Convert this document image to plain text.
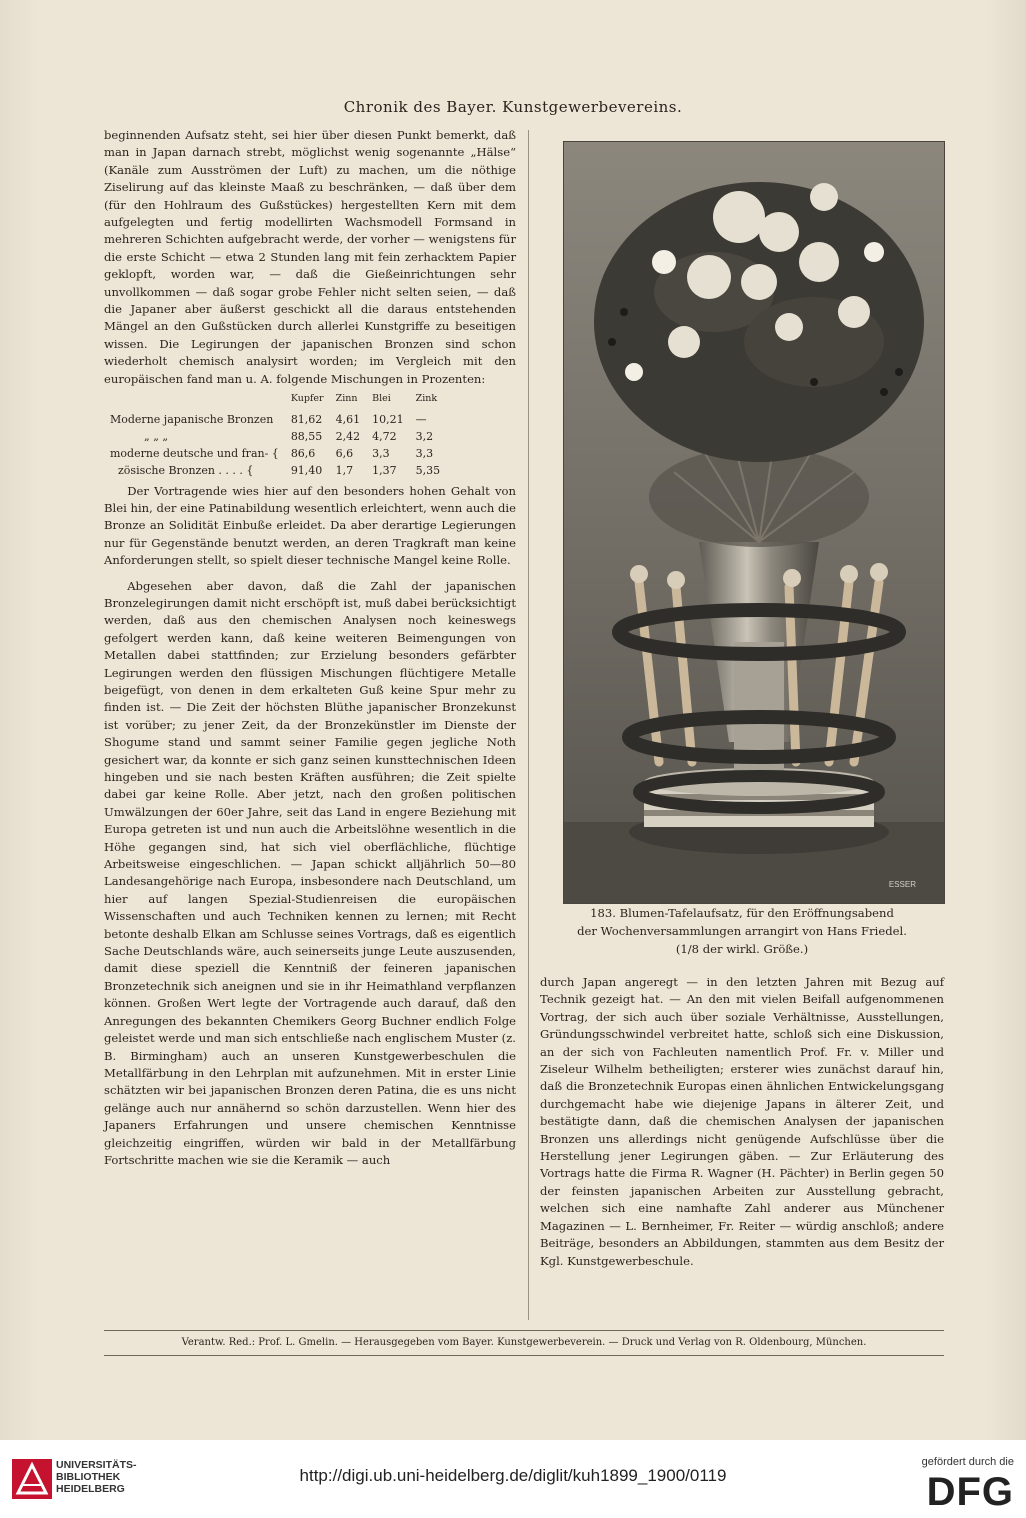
Chronik des Bayer. Kunstgewerbevereins.

beginnenden Aufsatz steht, sei hier über diesen Punkt bemerkt, daß man in Japan darnach strebt, möglichst wenig sogenannte „Hälse“ (Kanäle zum Ausströmen der Luft) zu machen, um die nöthige Ziselirung auf das kleinste Maaß zu beschränken, — daß über dem (für den Hohlraum des Gußstückes) hergestellten Kern mit dem aufgelegten und fertig modellirten Wachsmodell Formsand in mehreren Schichten aufgebracht werde, der vorher — wenigstens für die erste Schicht — etwa 2 Stunden lang mit fein zerhacktem Papier geklopft, worden war, — daß die Gießeinrichtungen sehr unvollkommen — daß sogar grobe Fehler nicht selten seien, — daß die Japaner aber äußerst geschickt all die daraus entstehenden Mängel an den Gußstücken durch allerlei Kunstgriffe zu beseitigen wissen. Die Legirungen der japanischen Bronzen sind schon wiederholt chemisch analysirt worden; im Vergleich mit den europäischen fand man u. A. folgende Mischungen in Prozenten:

	Kupfer	Zinn	Blei	Zink
Moderne japanische Bronzen	81,62	4,61	10,21	—
„ „ „	88,55	2,42	4,72	3,2
moderne deutsche und fran- {	86,6	6,6	3,3	3,3
zösische Bronzen . . . . {	91,40	1,7	1,37	5,35

Der Vortragende wies hier auf den besonders hohen Gehalt von Blei hin, der eine Patinabildung wesentlich erleichtert, wenn auch die Bronze an Solidität Einbuße erleidet. Da aber derartige Legierungen nur für Gegenstände benutzt werden, an deren Tragkraft man keine Anforderungen stellt, so spielt dieser technische Mangel keine Rolle.

Abgesehen aber davon, daß die Zahl der japanischen Bronzelegirungen damit nicht erschöpft ist, muß dabei berücksichtigt werden, daß aus den chemischen Analysen noch keineswegs gefolgert werden kann, daß keine weiteren Beimengungen von Metallen dabei stattfinden; zur Erzielung besonders gefärbter Legirungen werden den flüssigen Mischungen flüchtigere Metalle beigefügt, von denen in dem erkalteten Guß keine Spur mehr zu finden ist. — Die Zeit der höchsten Blüthe japanischer Bronzekunst ist vorüber; zu jener Zeit, da der Bronzekünstler im Dienste der Shogume stand und sammt seiner Familie gegen jegliche Noth gesichert war, da konnte er sich ganz seinen kunsttechnischen Ideen hingeben und sie nach besten Kräften ausführen; die Zeit spielte dabei gar keine Rolle. Aber jetzt, nach den großen politischen Umwälzungen der 60er Jahre, seit das Land in engere Beziehung mit Europa getreten ist und nun auch die Arbeitslöhne wesentlich in die Höhe gegangen sind, hat sich viel oberflächliche, flüchtige Arbeitsweise eingeschlichen. — Japan schickt alljährlich 50—80 Landesangehörige nach Europa, insbesondere nach Deutschland, um hier auf langen Spezial-Studienreisen die europäischen Wissenschaften und auch Techniken kennen zu lernen; mit Recht betonte deshalb Elkan am Schlusse seines Vortrags, daß es eigentlich Sache Deutschlands wäre, auch seinerseits junge Leute auszusenden, damit diese speziell die Kenntniß der feineren japanischen Bronzetechnik sich aneignen und sie in ihr Heimathland verpflanzen können. Großen Wert legte der Vortragende auch darauf, daß den Anregungen des bekannten Chemikers Georg Buchner endlich Folge geleistet werde und man sich entschließe nach englischem Muster (z. B. Birmingham) auch an unseren Kunstgewerbeschulen die Metallfärbung in den Lehrplan mit aufzunehmen. Mit in erster Linie schätzten wir bei japanischen Bronzen deren Patina, die es uns nicht gelänge auch nur annähernd so schön darzustellen. Wenn hier des Japaners Erfahrungen und unsere chemischen Kenntnisse gleichzeitig eingriffen, würden wir bald in der Metallfärbung Fortschritte machen wie sie die Keramik — auch

ESSER
183. Blumen-Tafelaufsatz, für den Eröffnungsabend
der Wochenversammlungen arrangirt von Hans Friedel.
(1/8 der wirkl. Größe.)

durch Japan angeregt — in den letzten Jahren mit Bezug auf Technik gezeigt hat. — An den mit vielen Beifall aufgenommenen Vortrag, der sich auch über soziale Verhältnisse, Ausstellungen, Gründungsschwindel verbreitet hatte, schloß sich eine Diskussion, an der sich von Fachleuten namentlich Prof. Fr. v. Miller und Ziseleur Wilhelm betheiligten; ersterer wies zunächst darauf hin, daß die Bronzetechnik Europas einen ähnlichen Entwickelungsgang durchgemacht habe wie diejenige Japans in älterer Zeit, und bestätigte dann, daß die chemischen Analysen der japanischen Bronzen uns allerdings nicht genügende Aufschlüsse über die Herstellung jener Legirungen gäben. — Zur Erläuterung des Vortrags hatte die Firma R. Wagner (H. Pächter) in Berlin gegen 50 der feinsten japanischen Arbeiten zur Ausstellung gebracht, welchen sich eine namhafte Zahl anderer aus Münchener Magazinen — L. Bernheimer, Fr. Reiter — würdig anschloß; andere Beiträge, besonders an Abbildungen, stammten aus dem Besitz der Kgl. Kunstgewerbeschule.

Verantw. Red.: Prof. L. Gmelin. — Herausgegeben vom Bayer. Kunstgewerbeverein. — Druck und Verlag von R. Oldenbourg, München.
UNIVERSITÄTS-
BIBLIOTHEK
HEIDELBERG
http://digi.ub.uni-heidelberg.de/diglit/kuh1899_1900/0119
gefördert durch die
DFG
